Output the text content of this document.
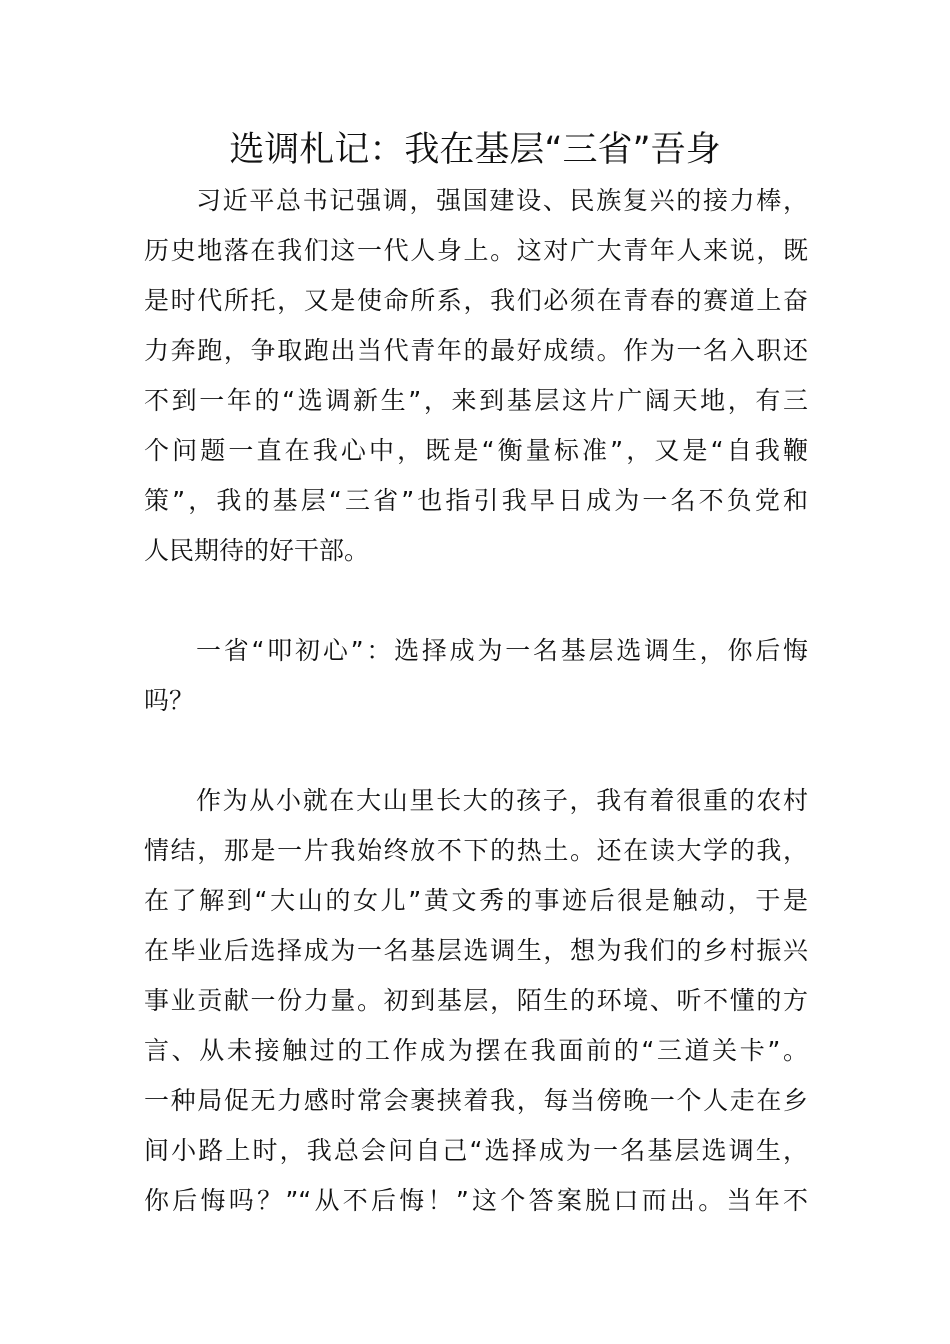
选调札记：我在基层“三省”吾身
习近平总书记强调，强国建设、民族复兴的接力棒，
历史地落在我们这一代人身上。这对广大青年人来说，既
是时代所托，又是使命所系，我们必须在青春的赛道上奋
力奔跑，争取跑出当代青年的最好成绩。作为一名入职还
不到一年的“选调新生”，来到基层这片广阔天地，有三
个问题一直在我心中，既是“衡量标准”，又是“自我鞭
策”，我的基层“三省”也指引我早日成为一名不负党和
人民期待的好干部。
一省“叩初心”：选择成为一名基层选调生，你后悔
吗？
作为从小就在大山里长大的孩子，我有着很重的农村
情结，那是一片我始终放不下的热土。还在读大学的我，
在了解到“大山的女儿”黄文秀的事迹后很是触动，于是
在毕业后选择成为一名基层选调生，想为我们的乡村振兴
事业贡献一份力量。初到基层，陌生的环境、听不懂的方
言、从未接触过的工作成为摆在我面前的“三道关卡”。
一种局促无力感时常会裹挟着我，每当傍晚一个人走在乡
间小路上时，我总会问自己“选择成为一名基层选调生，
你后悔吗？”“从不后悔！”这个答案脱口而出。当年不
